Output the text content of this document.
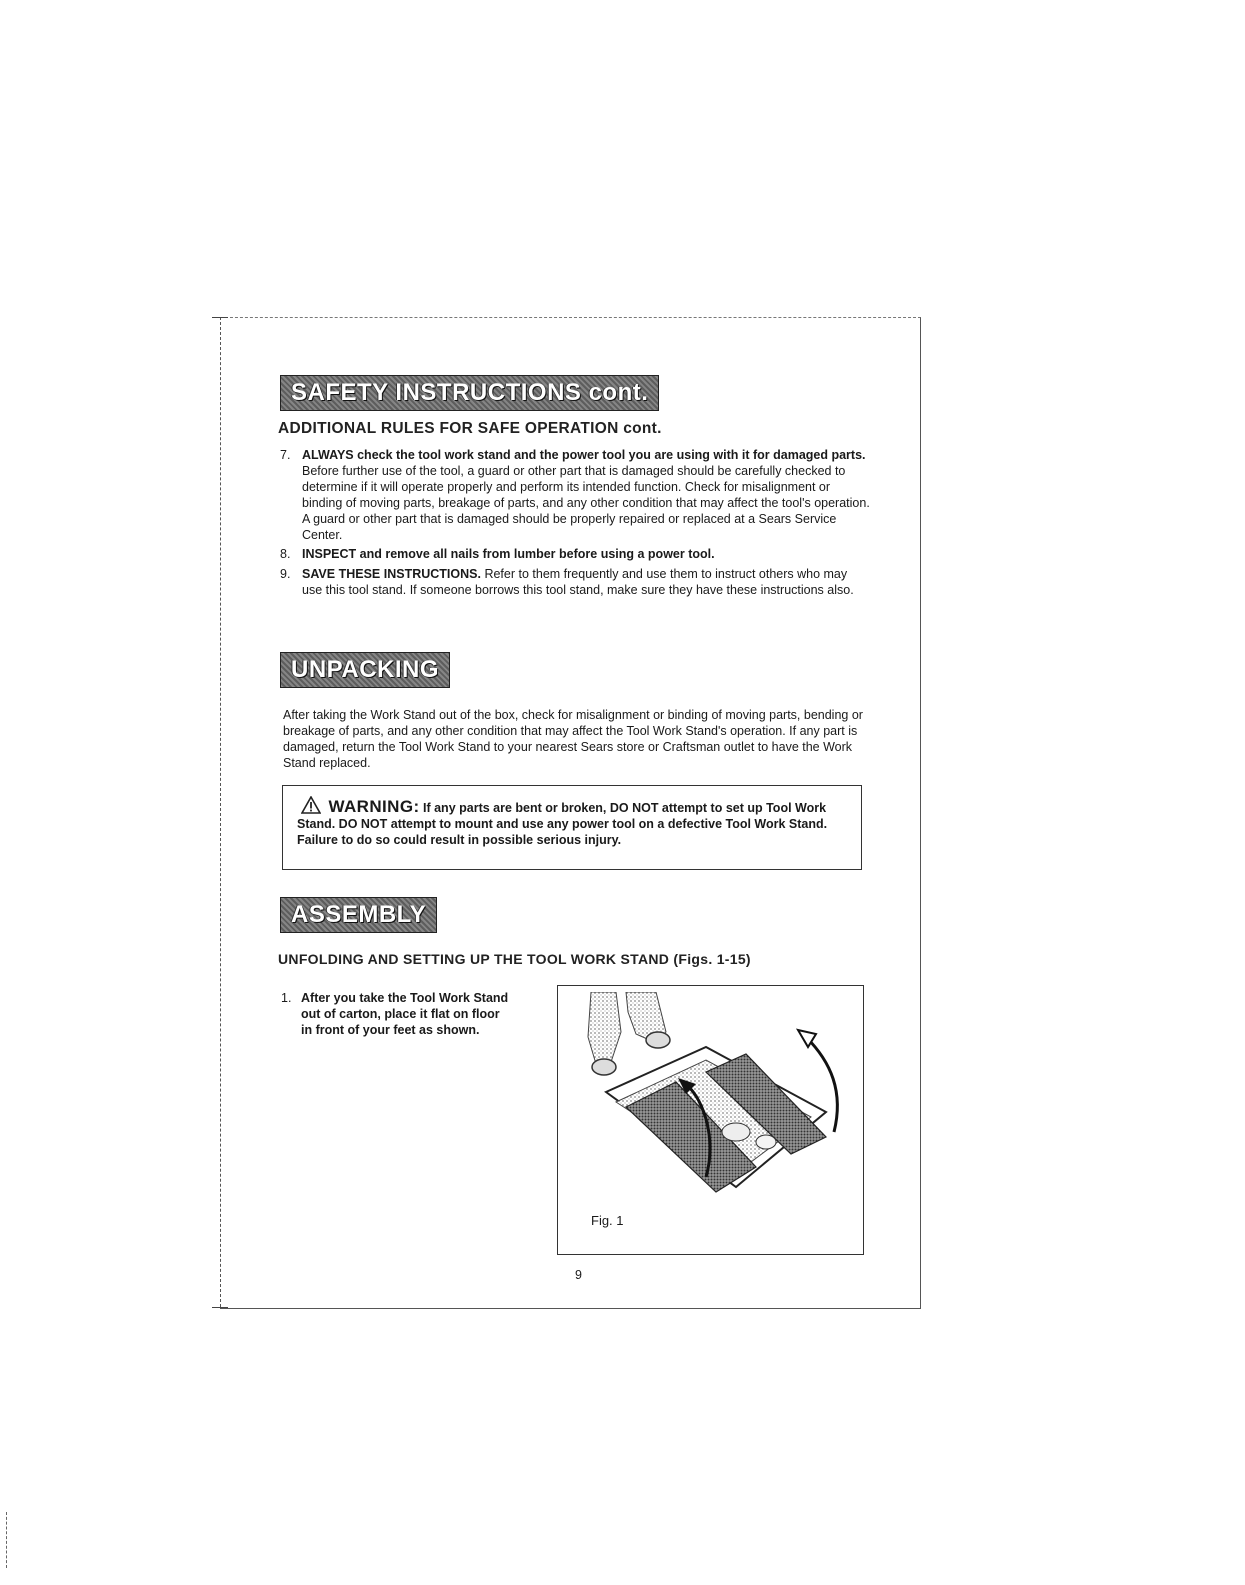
SAFETY INSTRUCTIONS cont.
ADDITIONAL RULES FOR SAFE OPERATION cont.
7. ALWAYS check the tool work stand and the power tool you are using with it for damaged parts. Before further use of the tool, a guard or other part that is damaged should be carefully checked to determine if it will operate properly and perform its intended function. Check for misalignment or binding of moving parts, breakage of parts, and any other condition that may affect the tool's operation. A guard or other part that is damaged should be properly repaired or replaced at a Sears Service Center.
8. INSPECT and remove all nails from lumber before using a power tool.
9. SAVE THESE INSTRUCTIONS. Refer to them frequently and use them to instruct others who may use this tool stand. If someone borrows this tool stand, make sure they have these instructions also.
UNPACKING
After taking the Work Stand out of the box, check for misalignment or binding of moving parts, bending or breakage of parts, and any other condition that may affect the Tool Work Stand's operation. If any part is damaged, return the Tool Work Stand to your nearest Sears store or Craftsman outlet to have the Work Stand replaced.
WARNING: If any parts are bent or broken, DO NOT attempt to set up Tool Work Stand. DO NOT attempt to mount and use any power tool on a defective Tool Work Stand. Failure to do so could result in possible serious injury.
ASSEMBLY
UNFOLDING AND SETTING UP THE TOOL WORK STAND (Figs. 1-15)
1. After you take the Tool Work Stand out of carton, place it flat on floor in front of your feet as shown.
Fig. 1
9
